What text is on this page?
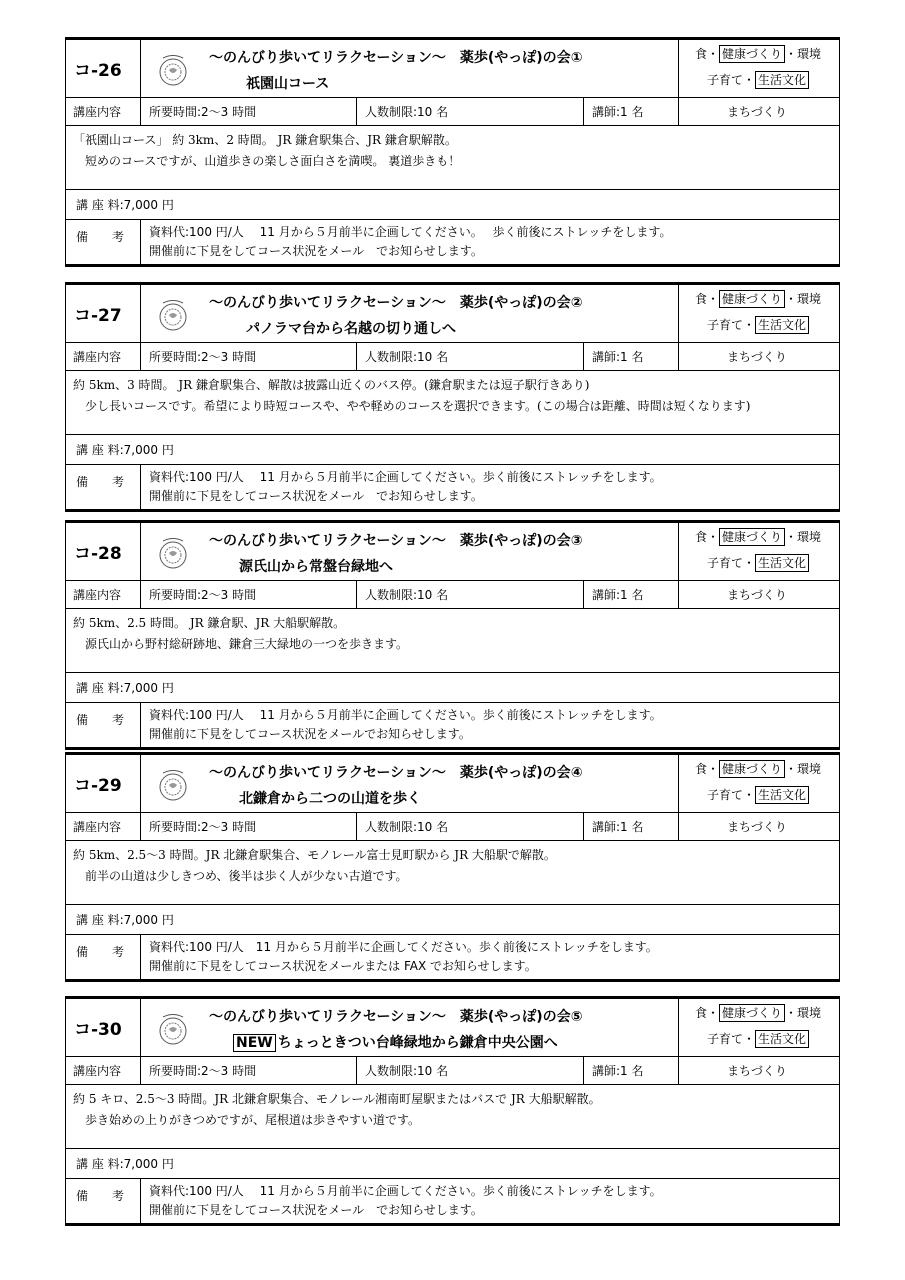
コ-26
～のんびり歩いてリラクセーション～　薬歩(やっぽ)の会①
祇園山コース
食・ 健康づくり ・環境
子育て・ 生活文化
まちづくり
講座内容	所要時間:2〜3 時間	人数制限:10 名	講師:1 名
「祇園山コース」 約 3km、2 時間。 JR 鎌倉駅集合、JR 鎌倉駅解散。
　短めのコースですが、山道歩きの楽しさ面白さを満喫。 裏道歩きも！
講 座 料:7,000 円
備　　考	資料代:100 円/人　 11 月から５月前半に企画してください。　 歩く前後にストレッチをします。
開催前に下見をしてコース状況をメール　でお知らせします。
コ-27
～のんびり歩いてリラクセーション～　薬歩(やっぽ)の会②
パノラマ台から名越の切り通しへ
食・ 健康づくり ・環境
子育て・ 生活文化
まちづくり
講座内容	所要時間:2〜3 時間	人数制限:10 名	講師:1 名
約 5km、3 時間。 JR 鎌倉駅集合、解散は披露山近くのバス停。(鎌倉駅または逗子駅行きあり)
　少し長いコースです。希望により時短コースや、やや軽めのコースを選択できます。(この場合は距離、時間は短くなります)
講 座 料:7,000 円
備　　考	資料代:100 円/人　 11 月から５月前半に企画してください。歩く前後にストレッチをします。
開催前に下見をしてコース状況をメール　でお知らせします。
コ-28
～のんびり歩いてリラクセーション～　薬歩(やっぽ)の会③
源氏山から常盤台緑地へ
食・ 健康づくり ・環境
子育て・ 生活文化
まちづくり
講座内容	所要時間:2〜3 時間	人数制限:10 名	講師:1 名
約 5km、2.5 時間。 JR 鎌倉駅、JR 大船駅解散。
　源氏山から野村総研跡地、鎌倉三大緑地の一つを歩きます。
講 座 料:7,000 円
備　　考	資料代:100 円/人　 11 月から５月前半に企画してください。歩く前後にストレッチをします。
開催前に下見をしてコース状況をメールでお知らせします。
コ-29
～のんびり歩いてリラクセーション～　薬歩(やっぽ)の会④
北鎌倉から二つの山道を歩く
食・ 健康づくり ・環境
子育て・ 生活文化
まちづくり
講座内容	所要時間:2〜3 時間	人数制限:10 名	講師:1 名
約 5km、2.5〜3 時間。JR 北鎌倉駅集合、モノレール富士見町駅から JR 大船駅で解散。
　前半の山道は少しきつめ、後半は歩く人が少ない古道です。
講 座 料:7,000 円
備　　考	資料代:100 円/人　11 月から５月前半に企画してください。歩く前後にストレッチをします。
開催前に下見をしてコース状況をメールまたは FAX でお知らせします。
コ-30
～のんびり歩いてリラクセーション～　薬歩(やっぽ)の会⑤
NEW ちょっときつい台峰緑地から鎌倉中央公園へ
食・ 健康づくり ・環境
子育て・ 生活文化
まちづくり
講座内容	所要時間:2〜3 時間	人数制限:10 名	講師:1 名
約 5 キロ、2.5〜3 時間。JR 北鎌倉駅集合、モノレール湘南町屋駅またはバスで JR 大船駅解散。
　歩き始めの上りがきつめですが、尾根道は歩きやすい道です。
講 座 料:7,000 円
備　　考	資料代:100 円/人　 11 月から５月前半に企画してください。歩く前後にストレッチをします。
開催前に下見をしてコース状況をメール　でお知らせします。
